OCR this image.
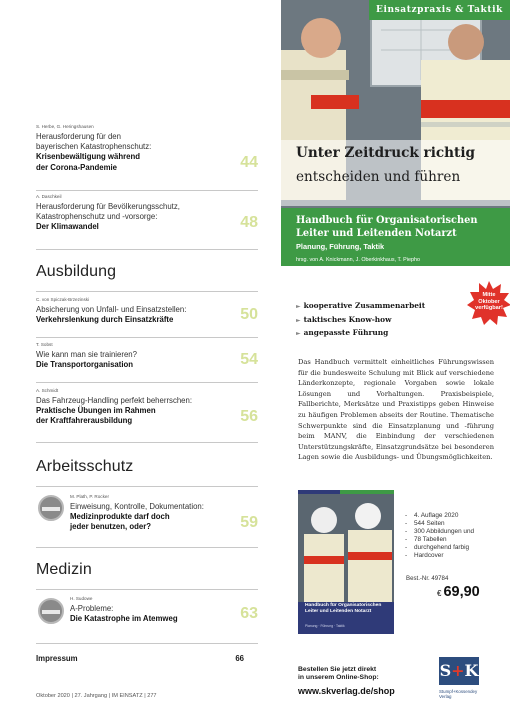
S. Herbe, G. Heringshausen
Herausforderung für den
bayerischen Katastrophenschutz:
Krisenbewältigung während
der Corona-Pandemie	44
A. Daschkeil
Herausforderung für Bevölkerungsschutz,
Katastrophenschutz und -vorsorge:
Der Klimawandel	48
Ausbildung
C. von Spiczak-Brzezinski
Absicherung von Unfall- und Einsatzstellen:
Verkehrslenkung durch Einsatzkräfte	50
T. Sobst
Wie kann man sie trainieren?
Die Transportorganisation	54
A. Schmidt
Das Fahrzeug-Handling perfekt beherrschen:
Praktische Übungen im Rahmen
der Kraftfahrerausbildung	56
Arbeitsschutz
M. Plath, P. Rocker
Einweisung, Kontrolle, Dokumentation:
Medizinprodukte darf doch
jeder benutzen, oder?	59
Medizin
H. Sudowe
A-Probleme:
Die Katastrophe im Atemweg	63
Impressum	66
Oktober 2020 | 27. Jahrgang | IM EINSATZ | 277
Einsatzpraxis & Taktik
Unter Zeitdruck richtig
entscheiden und führen
Handbuch für Organisatorischen
Leiter und Leitenden Notarzt
Planung, Führung, Taktik
hrsg. von A. Knickmann, J. Oberkinkhaus, T. Piepho
► kooperative Zusammenarbeit
► taktisches Know-how
► angepasste Führung
Mitte
Oktober
verfügbar!

Das Handbuch vermittelt einheitliches Führungswissen für die bundesweite Schulung mit Blick auf verschiedene Länderkonzepte, regionale Vorgaben sowie lokale Lösungen und Vorhaltungen. Praxisbeispiele, Fallberichte, Merksätze und Praxistipps geben Hinweise zu häufigen Problemen abseits der Routine. Thematische Schwerpunkte sind die Einsatzplanung und -führung beim MANV, die Einbindung der verschiedenen Unterstützungskräfte, Einsatzgrundsätze bei besonderen Lagen sowie die Ausbildungs- und Übungsmöglichkeiten.

Handbuch für Organisatorischen Leiter und Leitenden Notarzt
Planung · Führung · Taktik
- 4. Auflage 2020
- 544 Seiten
- 300 Abbildungen und
- 78 Tabellen
- durchgehend farbig
- Hardcover
Best.-Nr. 49784
€ 69,90
Bestellen Sie jetzt direkt
in unserem Online-Shop:
www.skverlag.de/shop
S+K
Stumpf+Kossendey
Verlag
